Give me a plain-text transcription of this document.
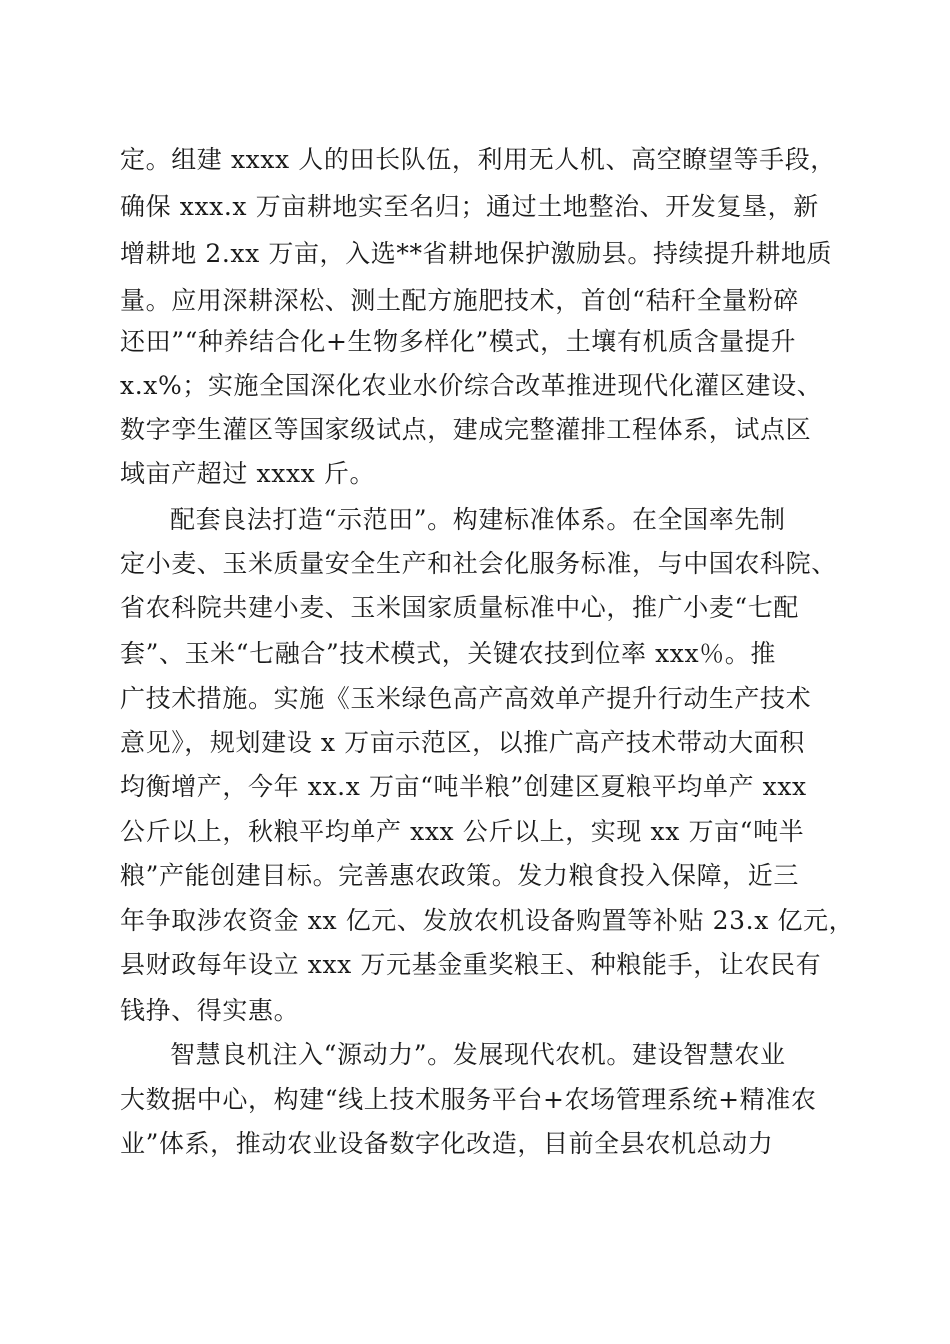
定。组建 xxxx 人的田长队伍，利用无人机、高空瞭望等手段，
确保 xxx.x 万亩耕地实至名归；通过土地整治、开发复垦，新
增耕地 2.xx 万亩，入选**省耕地保护激励县。持续提升耕地质
量。应用深耕深松、测土配方施肥技术，首创“秸秆全量粉碎
还田”“种养结合化+生物多样化”模式，土壤有机质含量提升
x.x%；实施全国深化农业水价综合改革推进现代化灌区建设、
数字孪生灌区等国家级试点，建成完整灌排工程体系，试点区
域亩产超过 xxxx 斤。
配套良法打造“示范田”。构建标准体系。在全国率先制
定小麦、玉米质量安全生产和社会化服务标准，与中国农科院、
省农科院共建小麦、玉米国家质量标准中心，推广小麦“七配
套”、玉米“七融合”技术模式，关键农技到位率 xxx％。推
广技术措施。实施《玉米绿色高产高效单产提升行动生产技术
意见》，规划建设 x 万亩示范区，以推广高产技术带动大面积
均衡增产，今年 xx.x 万亩“吨半粮”创建区夏粮平均单产 xxx
公斤以上，秋粮平均单产 xxx 公斤以上，实现 xx 万亩“吨半
粮”产能创建目标。完善惠农政策。发力粮食投入保障，近三
年争取涉农资金 xx 亿元、发放农机设备购置等补贴 23.x 亿元，
县财政每年设立 xxx 万元基金重奖粮王、种粮能手，让农民有
钱挣、得实惠。
智慧良机注入“源动力”。发展现代农机。建设智慧农业
大数据中心，构建“线上技术服务平台+农场管理系统+精准农
业”体系，推动农业设备数字化改造，目前全县农机总动力
